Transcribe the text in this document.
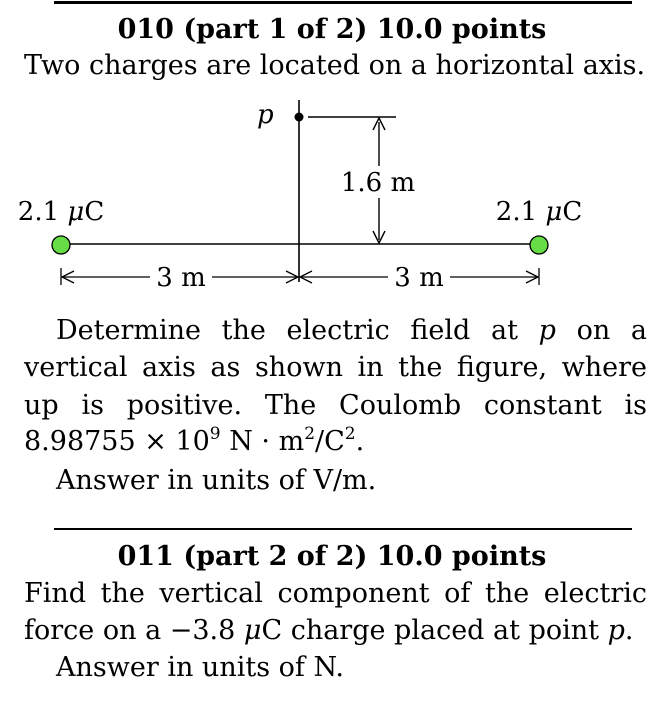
010 (part 1 of 2) 10.0 points
Two charges are located on a horizontal axis.
p
1.6 m
2.1 μC	2.1 μC
3 m	3 m
Determine the electric field at p on a
vertical axis as shown in the figure, where
up is positive. The Coulomb constant is
$8.98755 \times 10^9$ $N \cdot m^2/C^2$.
Answer in units of V/m.
011 (part 2 of 2) 10.0 points
Find the vertical component of the electric
force on a −3.8 μC charge placed at point p.
Answer in units of N.
